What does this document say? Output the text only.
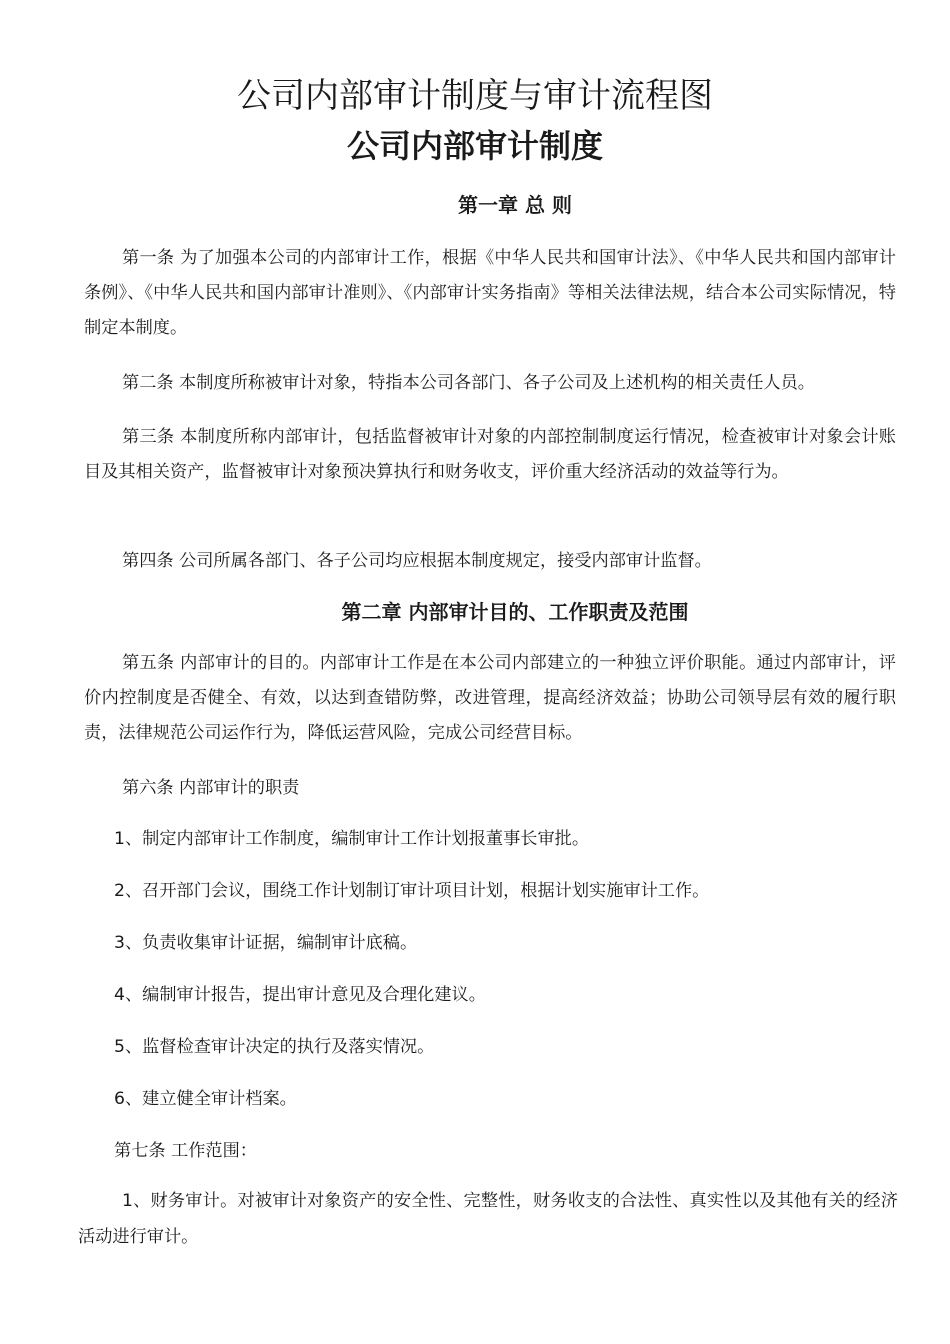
公司内部审计制度与审计流程图
公司内部审计制度
第一章 总 则

第一条 为了加强本公司的内部审计工作，根据《中华人民共和国审计法》、《中华人民共和国内部审计条例》、《中华人民共和国内部审计准则》、《内部审计实务指南》等相关法律法规，结合本公司实际情况，特制定本制度。

第二条 本制度所称被审计对象，特指本公司各部门、各子公司及上述机构的相关责任人员。

第三条 本制度所称内部审计，包括监督被审计对象的内部控制制度运行情况，检查被审计对象会计账目及其相关资产，监督被审计对象预决算执行和财务收支，评价重大经济活动的效益等行为。

第四条 公司所属各部门、各子公司均应根据本制度规定，接受内部审计监督。

第二章 内部审计目的、工作职责及范围

第五条 内部审计的目的。内部审计工作是在本公司内部建立的一种独立评价职能。通过内部审计，评价内控制度是否健全、有效，以达到查错防弊，改进管理，提高经济效益；协助公司领导层有效的履行职责，法律规范公司运作行为，降低运营风险，完成公司经营目标。

第六条 内部审计的职责

1、制定内部审计工作制度，编制审计工作计划报董事长审批。

2、召开部门会议，围绕工作计划制订审计项目计划，根据计划实施审计工作。

3、负责收集审计证据，编制审计底稿。

4、编制审计报告，提出审计意见及合理化建议。

5、监督检查审计决定的执行及落实情况。

6、建立健全审计档案。

第七条 工作范围：

1、财务审计。对被审计对象资产的安全性、完整性，财务收支的合法性、真实性以及其他有关的经济活动进行审计。
